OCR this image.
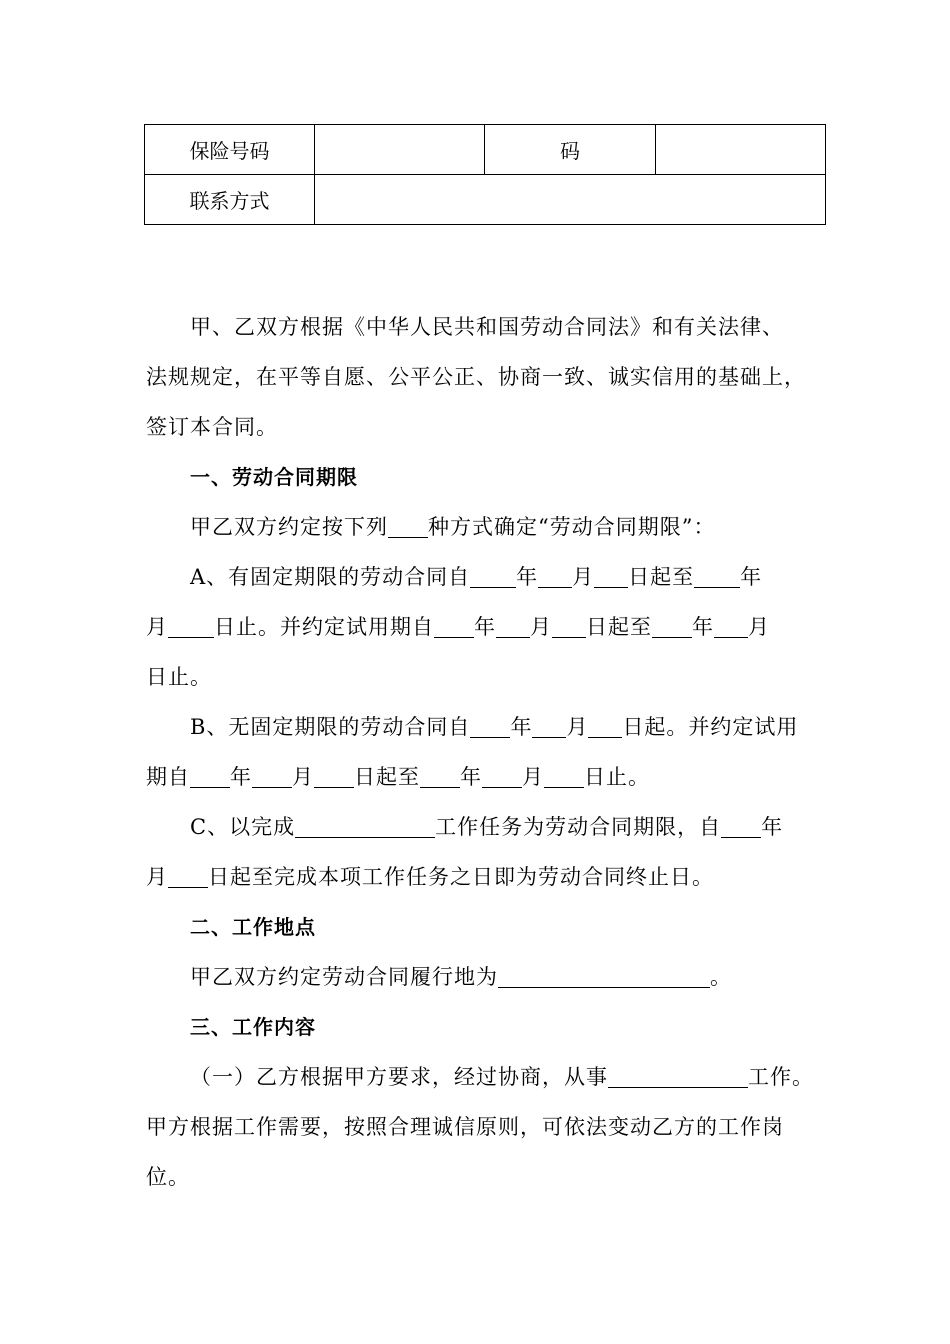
保险号码		码	
联系方式			

甲、乙双方根据《中华人民共和国劳动合同法》和有关法律、

法规规定，在平等自愿、公平公正、协商一致、诚实信用的基础上，

签订本合同。

一、劳动合同期限

甲乙双方约定按下列 种方式确定“劳动合同期限”：

A、有固定期限的劳动合同自 年 月 日起至 年

月 日止。并约定试用期自 年 月 日起至 年 月

日止。

B、无固定期限的劳动合同自 年 月 日起。并约定试用

期自 年 月 日起至 年 月 日止。

C、以完成	工作任务为劳动合同期限，自 年

月 日起至完成本项工作任务之日即为劳动合同终止日。

二、工作地点

甲乙双方约定劳动合同履行地为	。

三、工作内容

（一）乙方根据甲方要求，经过协商，从事	工作。

甲方根据工作需要，按照合理诚信原则，可依法变动乙方的工作岗

位。
